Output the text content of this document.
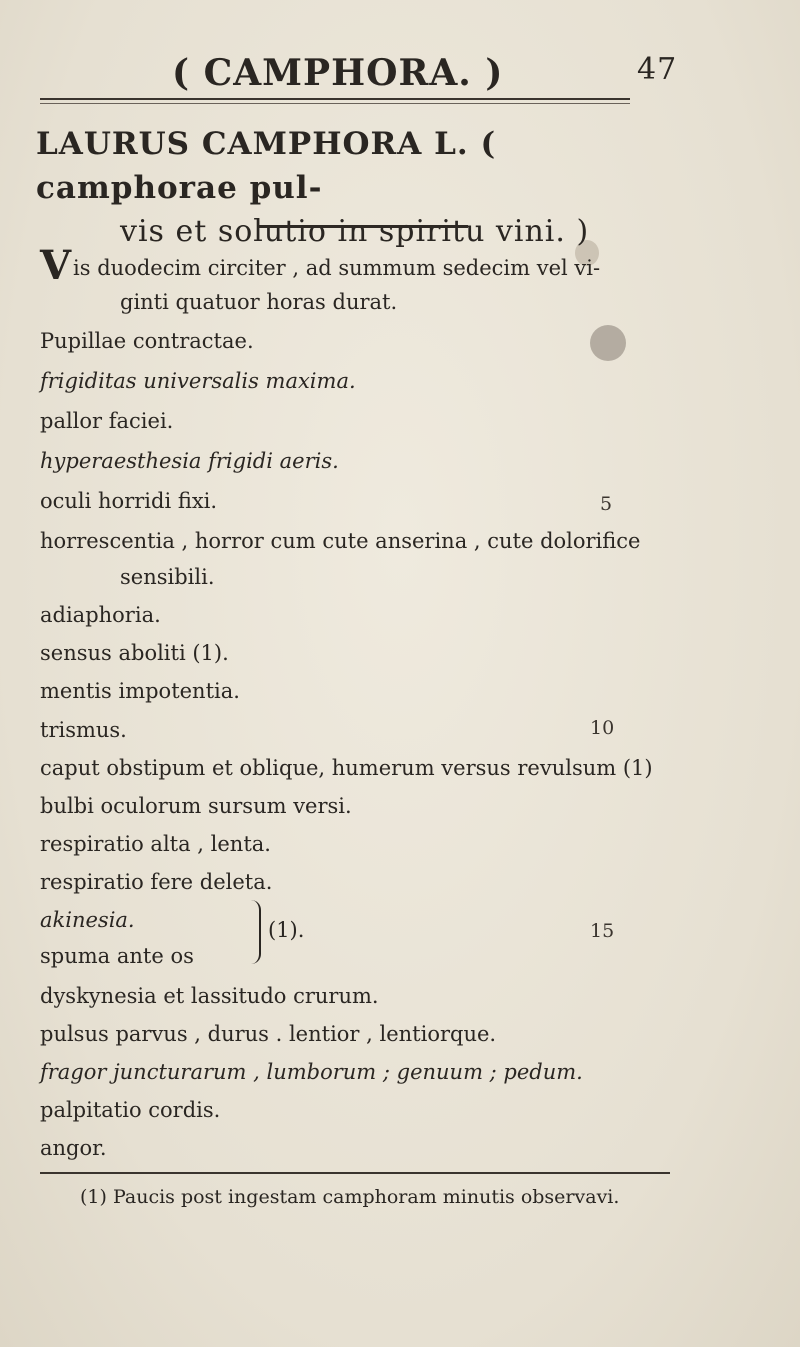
( CAMPHORA. )	47
LAURUS CAMPHORA L. ( camphorae pul-
vis et solutio in spiritu vini. )
Vis duodecim circiter , ad summum sedecim vel vi-
ginti quatuor horas durat.
Pupillae contractae.
frigiditas universalis maxima.
pallor faciei.
hyperaesthesia frigidi aeris.
oculi horridi fixi.
horrescentia , horror cum cute anserina , cute dolorifice
sensibili.
adiaphoria.
sensus aboliti (1).
mentis impotentia.
trismus.
caput obstipum et oblique, humerum versus revulsum (1)
bulbi oculorum sursum versi.
respiratio alta , lenta.
respiratio fere deleta.
akinesia.
spuma ante os
dyskynesia et lassitudo crurum.
pulsus parvus , durus . lentior , lentiorque.
fragor juncturarum , lumborum ; genuum ; pedum.
palpitatio cordis.
angor.
(1).
5
10
15
(1) Paucis post ingestam camphoram minutis observavi.
